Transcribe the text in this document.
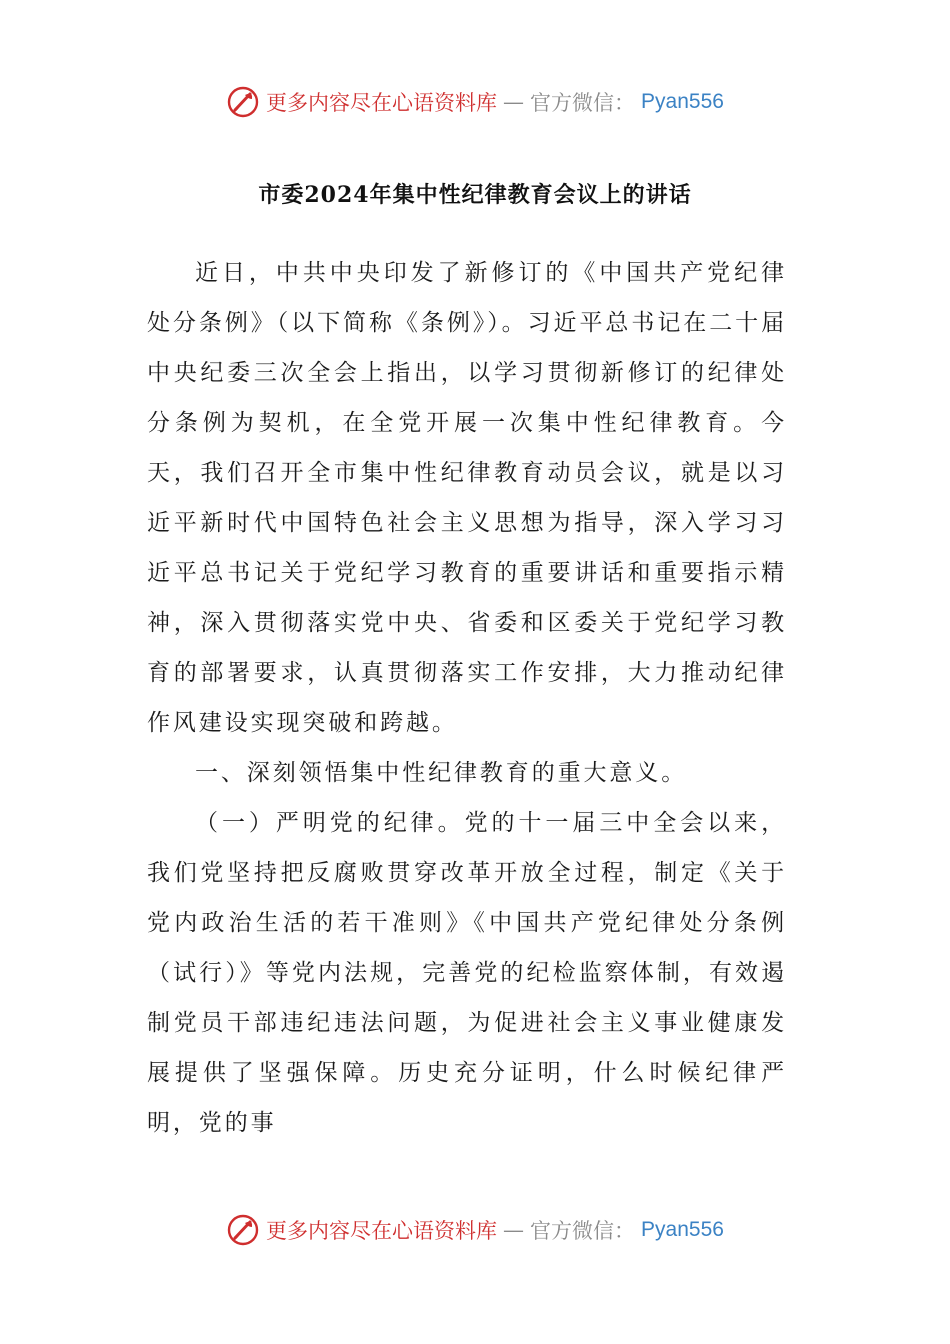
更多内容尽在心语资料库 — 官方微信： Pyan556
市委2024年集中性纪律教育会议上的讲话

近日，中共中央印发了新修订的《中国共产党纪律处分条例》（以下简称《条例》）。习近平总书记在二十届中央纪委三次全会上指出，以学习贯彻新修订的纪律处分条例为契机，在全党开展一次集中性纪律教育。今天，我们召开全市集中性纪律教育动员会议，就是以习近平新时代中国特色社会主义思想为指导，深入学习习近平总书记关于党纪学习教育的重要讲话和重要指示精神，深入贯彻落实党中央、省委和区委关于党纪学习教育的部署要求，认真贯彻落实工作安排，大力推动纪律作风建设实现突破和跨越。

一、深刻领悟集中性纪律教育的重大意义。

（一）严明党的纪律。党的十一届三中全会以来，我们党坚持把反腐败贯穿改革开放全过程，制定《关于党内政治生活的若干准则》《中国共产党纪律处分条例（试行）》等党内法规，完善党的纪检监察体制，有效遏制党员干部违纪违法问题，为促进社会主义事业健康发展提供了坚强保障。历史充分证明，什么时候纪律严明，党的事

更多内容尽在心语资料库 — 官方微信： Pyan556
